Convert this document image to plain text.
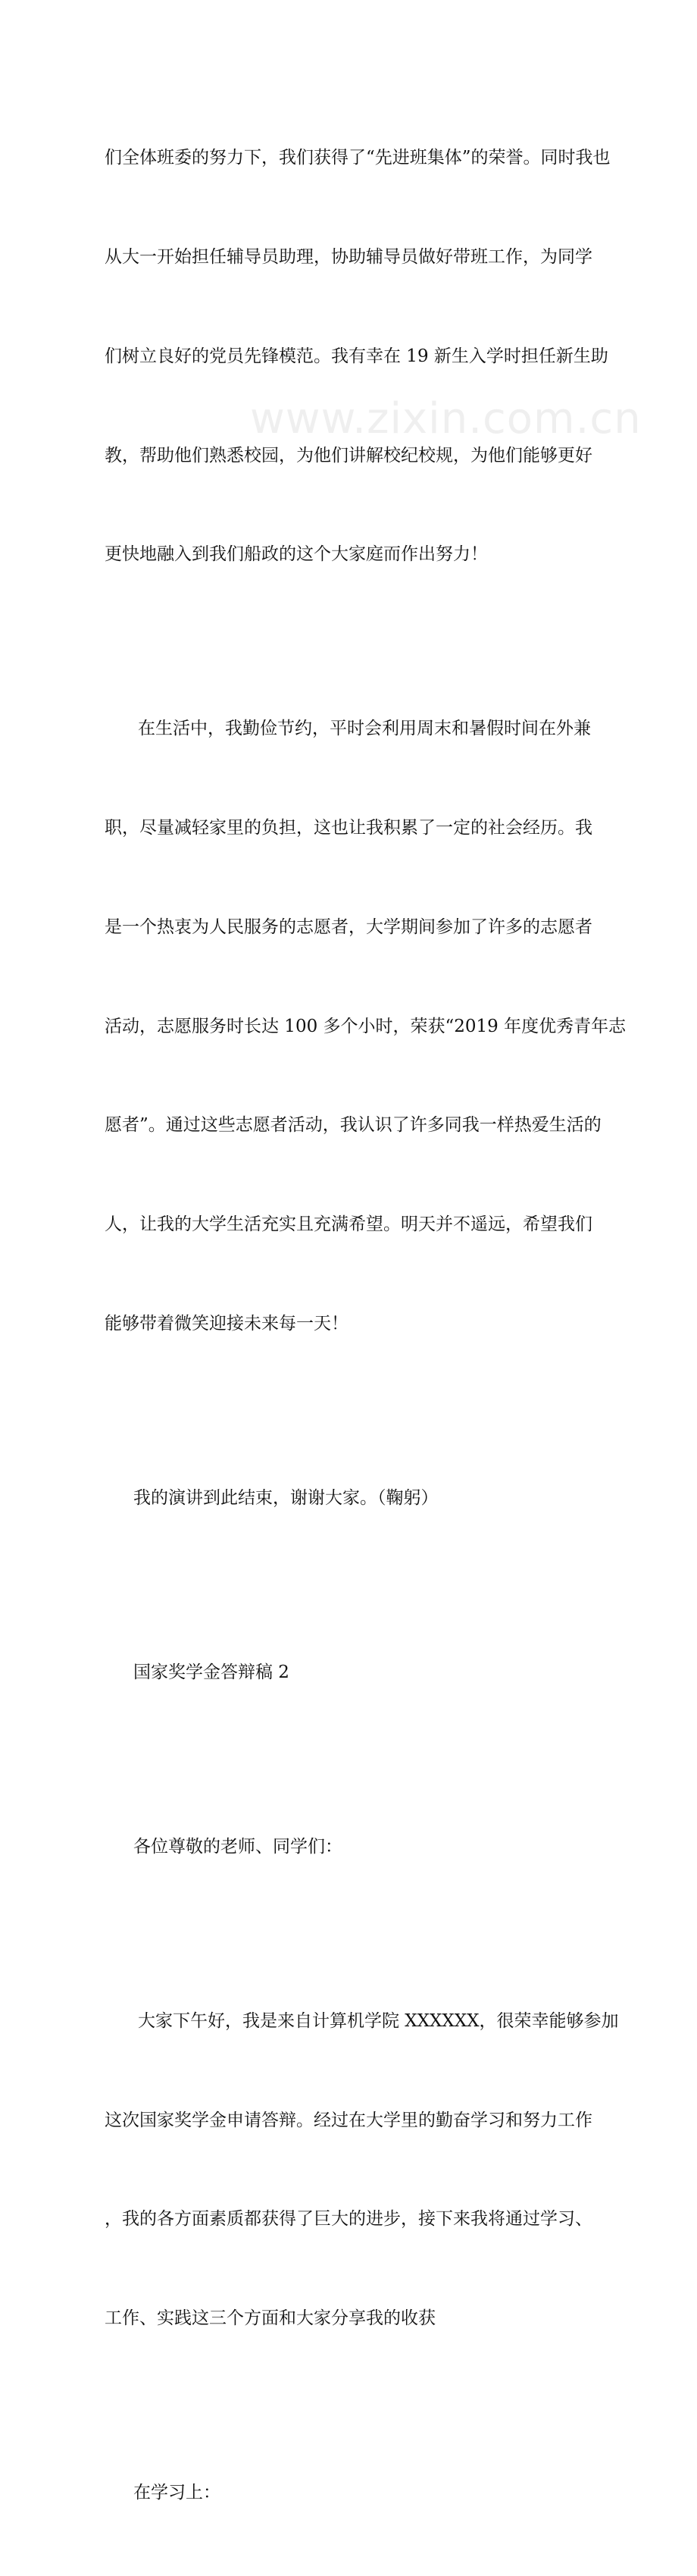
www.zixin.com.cn

们全体班委的努力下，我们获得了“先进班集体”的荣誉。同时我也

从大一开始担任辅导员助理，协助辅导员做好带班工作，为同学

们树立良好的党员先锋模范。我有幸在 19 新生入学时担任新生助

教，帮助他们熟悉校园，为他们讲解校纪校规，为他们能够更好

更快地融入到我们船政的这个大家庭而作出努力！

在生活中，我勤俭节约，平时会利用周末和暑假时间在外兼

职，尽量减轻家里的负担，这也让我积累了一定的社会经历。我

是一个热衷为人民服务的志愿者，大学期间参加了许多的志愿者

活动，志愿服务时长达 100 多个小时，荣获“2019 年度优秀青年志

愿者”。通过这些志愿者活动，我认识了许多同我一样热爱生活的

人，让我的大学生活充实且充满希望。明天并不遥远，希望我们

能够带着微笑迎接未来每一天！

我的演讲到此结束，谢谢大家。（鞠躬）

国家奖学金答辩稿 2

各位尊敬的老师、同学们：

大家下午好，我是来自计算机学院 XXXXXX，很荣幸能够参加

这次国家奖学金申请答辩。经过在大学里的勤奋学习和努力工作

，我的各方面素质都获得了巨大的进步，接下来我将通过学习、

工作、实践这三个方面和大家分享我的收获

在学习上：
